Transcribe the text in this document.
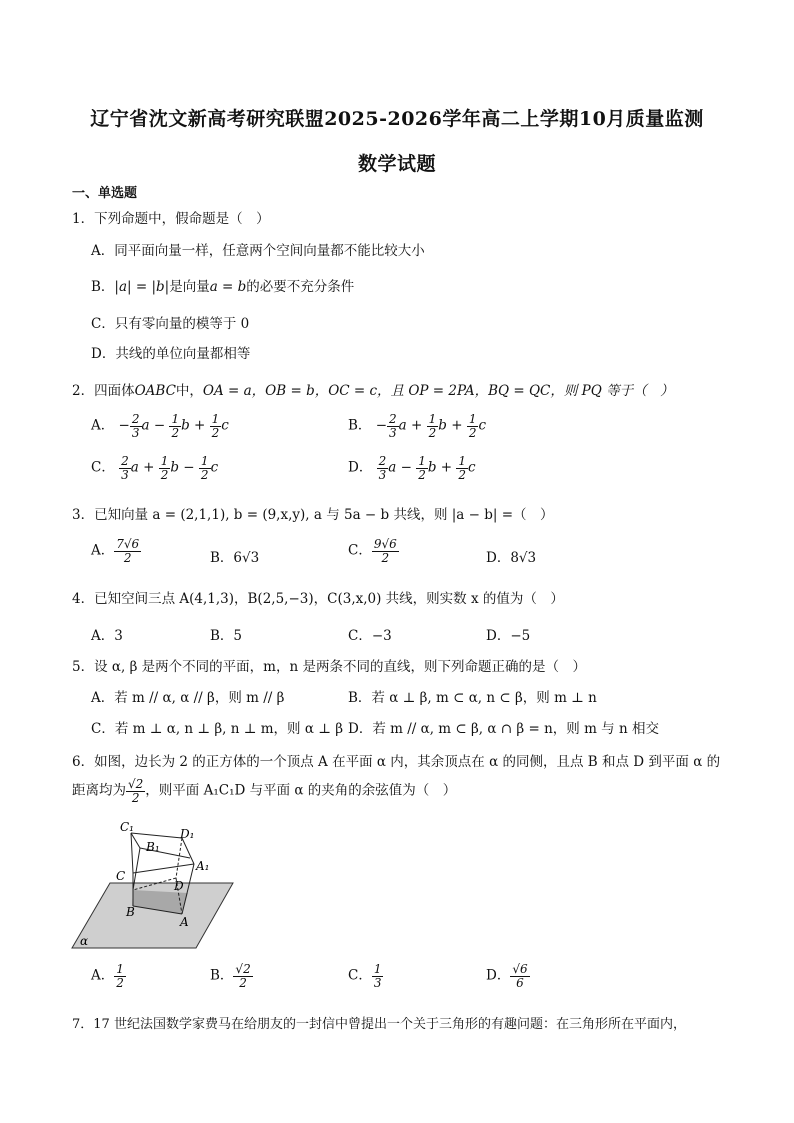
辽宁省沈文新高考研究联盟2025-2026学年高二上学期10月质量监测
数学试题
一、单选题
1．下列命题中，假命题是（　）
A．同平面向量一样，任意两个空间向量都不能比较大小
B．|a| = |b|是向量a = b的必要不充分条件
C．只有零向量的模等于 0
D．共线的单位向量都相等
2．四面体OABC中，OA = a，OB = b，OC = c，且 OP = 2PA，BQ = QC，则 PQ 等于（　）
A． − $\frac{2}{3}$ $a - \frac{1}{2}$ $b + \frac{1}{2}$ c	B． − $\frac{2}{3}$ $a + \frac{1}{2}$ $b + \frac{1}{2}$ c
C． $\frac{2}{3}$ $a + \frac{1}{2}$ $b - \frac{1}{2}$ c	D． $\frac{2}{3}$ $a - \frac{1}{2}$ $b + \frac{1}{2}$ c
3．已知向量 a = (2,1,1), b = (9,x,y), a 与 5a − b 共线，则 |a − b| =（　）
A． $\frac{7√6}{2}$	B．6√3	C． $\frac{9√6}{2}$	D．8√3
4．已知空间三点 A(4,1,3)，B(2,5,−3)，C(3,x,0) 共线，则实数 x 的值为（　）
A．3	B．5	C．−3	D．−5
5．设 α, β 是两个不同的平面，m，n 是两条不同的直线，则下列命题正确的是（　）
A．若 m // α, α // β，则 m // β	B．若 α ⊥ β, m ⊂ α, n ⊂ β，则 m ⊥ n
C．若 m ⊥ α, n ⊥ β, n ⊥ m，则 α ⊥ β D．若 m // α, m ⊂ β, α ∩ β = n，则 m 与 n 相交
6．如图，边长为 2 的正方体的一个顶点 A 在平面 α 内，其余顶点在 α 的同侧，且点 B 和点 D 到平面 α 的
距离均为 $\frac{√2}{2}$ ，则平面 A₁C₁D 与平面 α 的夹角的余弦值为（　）
C₁	D₁
B₁
A₁
C
D
B
A
α
A． $\frac{1}{2}$	B． $\frac{√2}{2}$	C． $\frac{1}{3}$	D． $\frac{√6}{6}$
7．17 世纪法国数学家费马在给朋友的一封信中曾提出一个关于三角形的有趣问题：在三角形所在平面内，
